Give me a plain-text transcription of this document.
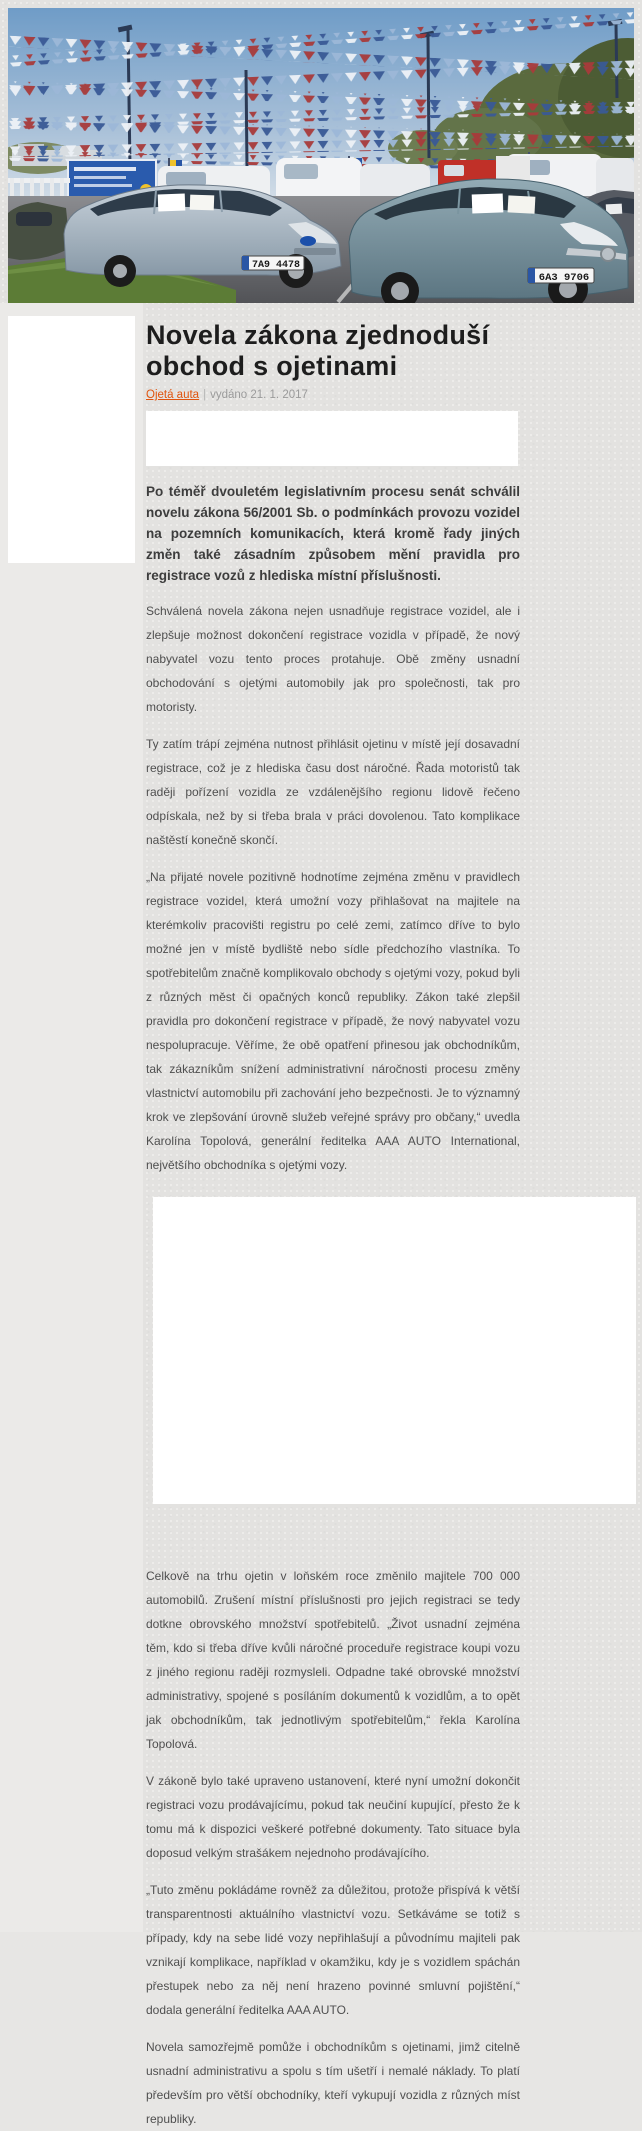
7A9 4478
6A3 9706
Novela zákona zjednoduší obchod s ojetinami
Ojetá auta | vydáno 21. 1. 2017

Po téměř dvouletém legislativním procesu senát schválil novelu zákona 56/2001 Sb. o podmínkách provozu vozidel na pozemních komunikacích, která kromě řady jiných změn také zásadním způsobem mění pravidla pro registrace vozů z hlediska místní příslušnosti.

Schválená novela zákona nejen usnadňuje registrace vozidel, ale i zlepšuje možnost dokončení registrace vozidla v případě, že nový nabyvatel vozu tento proces protahuje. Obě změny usnadní obchodování s ojetými automobily jak pro společnosti, tak pro motoristy.

Ty zatím trápí zejména nutnost přihlásit ojetinu v místě její dosavadní registrace, což je z hlediska času dost náročné. Řada motoristů tak raději pořízení vozidla ze vzdálenějšího regionu lidově řečeno odpískala, než by si třeba brala v práci dovolenou. Tato komplikace naštěstí konečně skončí.

„Na přijaté novele pozitivně hodnotíme zejména změnu v pravidlech registrace vozidel, která umožní vozy přihlašovat na majitele na kterémkoliv pracovišti registru po celé zemi, zatímco dříve to bylo možné jen v místě bydliště nebo sídle předchozího vlastníka. To spotřebitelům značně komplikovalo obchody s ojetými vozy, pokud byli z různých měst či opačných konců republiky. Zákon také zlepšil pravidla pro dokončení registrace v případě, že nový nabyvatel vozu nespolupracuje. Věříme, že obě opatření přinesou jak obchodníkům, tak zákazníkům snížení administrativní náročnosti procesu změny vlastnictví automobilu při zachování jeho bezpečnosti. Je to významný krok ve zlepšování úrovně služeb veřejné správy pro občany,“ uvedla Karolína Topolová, generální ředitelka AAA AUTO International, největšího obchodníka s ojetými vozy.

Celkově na trhu ojetin v loňském roce změnilo majitele 700 000 automobilů. Zrušení místní příslušnosti pro jejich registraci se tedy dotkne obrovského množství spotřebitelů. „Život usnadní zejména těm, kdo si třeba dříve kvůli náročné proceduře registrace koupi vozu z jiného regionu raději rozmysleli. Odpadne také obrovské množství administrativy, spojené s posíláním dokumentů k vozidlům, a to opět jak obchodníkům, tak jednotlivým spotřebitelům,“ řekla Karolína Topolová.

V zákoně bylo také upraveno ustanovení, které nyní umožní dokončit registraci vozu prodávajícímu, pokud tak neučiní kupující, přesto že k tomu má k dispozici veškeré potřebné dokumenty. Tato situace byla doposud velkým strašákem nejednoho prodávajícího.

„Tuto změnu pokládáme rovněž za důležitou, protože přispívá k větší transparentnosti aktuálního vlastnictví vozu. Setkáváme se totiž s případy, kdy na sebe lidé vozy nepřihlašují a původnímu majiteli pak vznikají komplikace, například v okamžiku, kdy je s vozidlem spáchán přestupek nebo za něj není hrazeno povinné smluvní pojištění,“ dodala generální ředitelka AAA AUTO.

Novela samozřejmě pomůže i obchodníkům s ojetinami, jimž citelně usnadní administrativu a spolu s tím ušetří i nemalé náklady. To platí především pro větší obchodníky, kteří vykupují vozidla z různých míst republiky.
